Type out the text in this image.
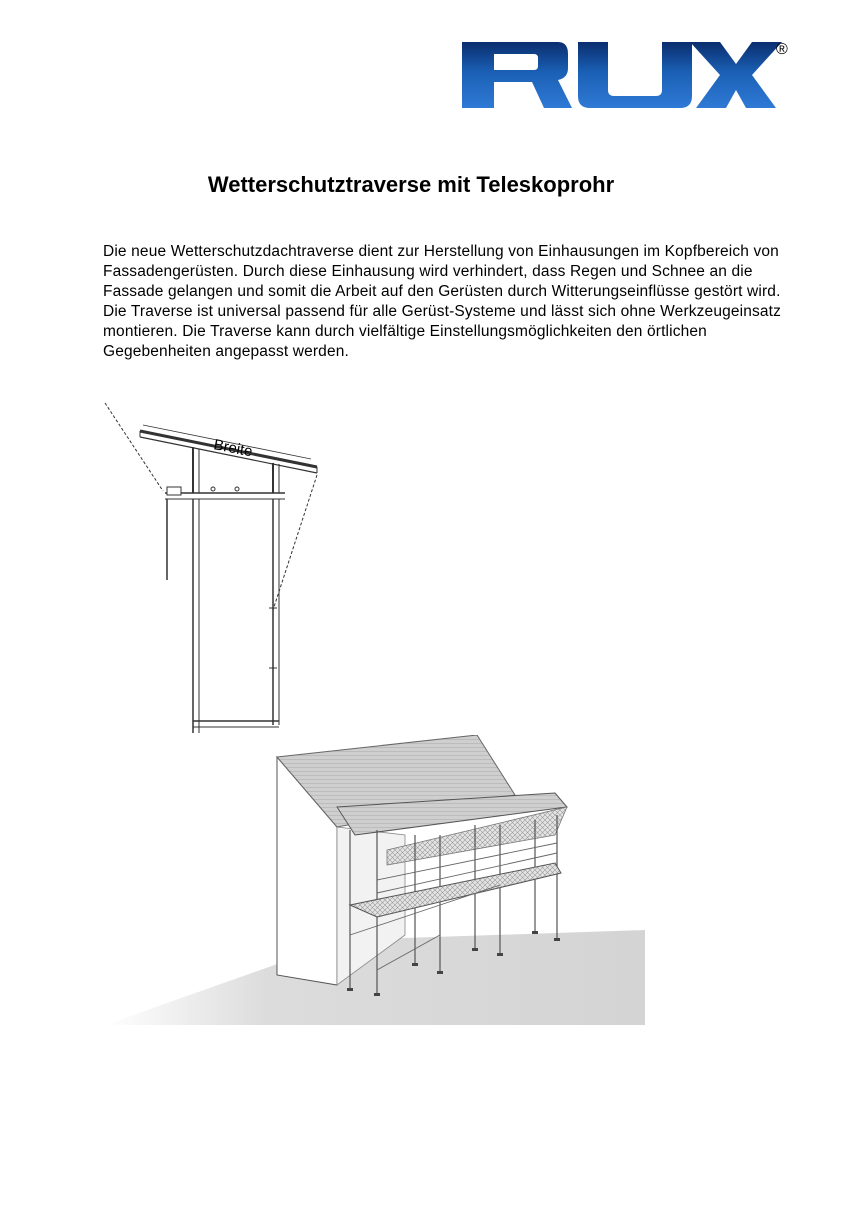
®
Wetterschutztraverse mit Teleskoprohr

Die neue Wetterschutzdachtraverse dient zur Herstellung von Einhausungen im Kopfbereich von Fassadengerüsten. Durch diese Einhausung wird verhindert, dass Regen und Schnee an die Fassade gelangen und somit die Arbeit auf den Gerüsten durch Witterungseinflüsse gestört wird.

Die Traverse ist universal passend für alle Gerüst-Systeme und lässt sich ohne Werkzeugeinsatz montieren. Die Traverse kann durch vielfältige Einstellungsmöglichkeiten den örtlichen Gegebenheiten angepasst werden.

Breite
